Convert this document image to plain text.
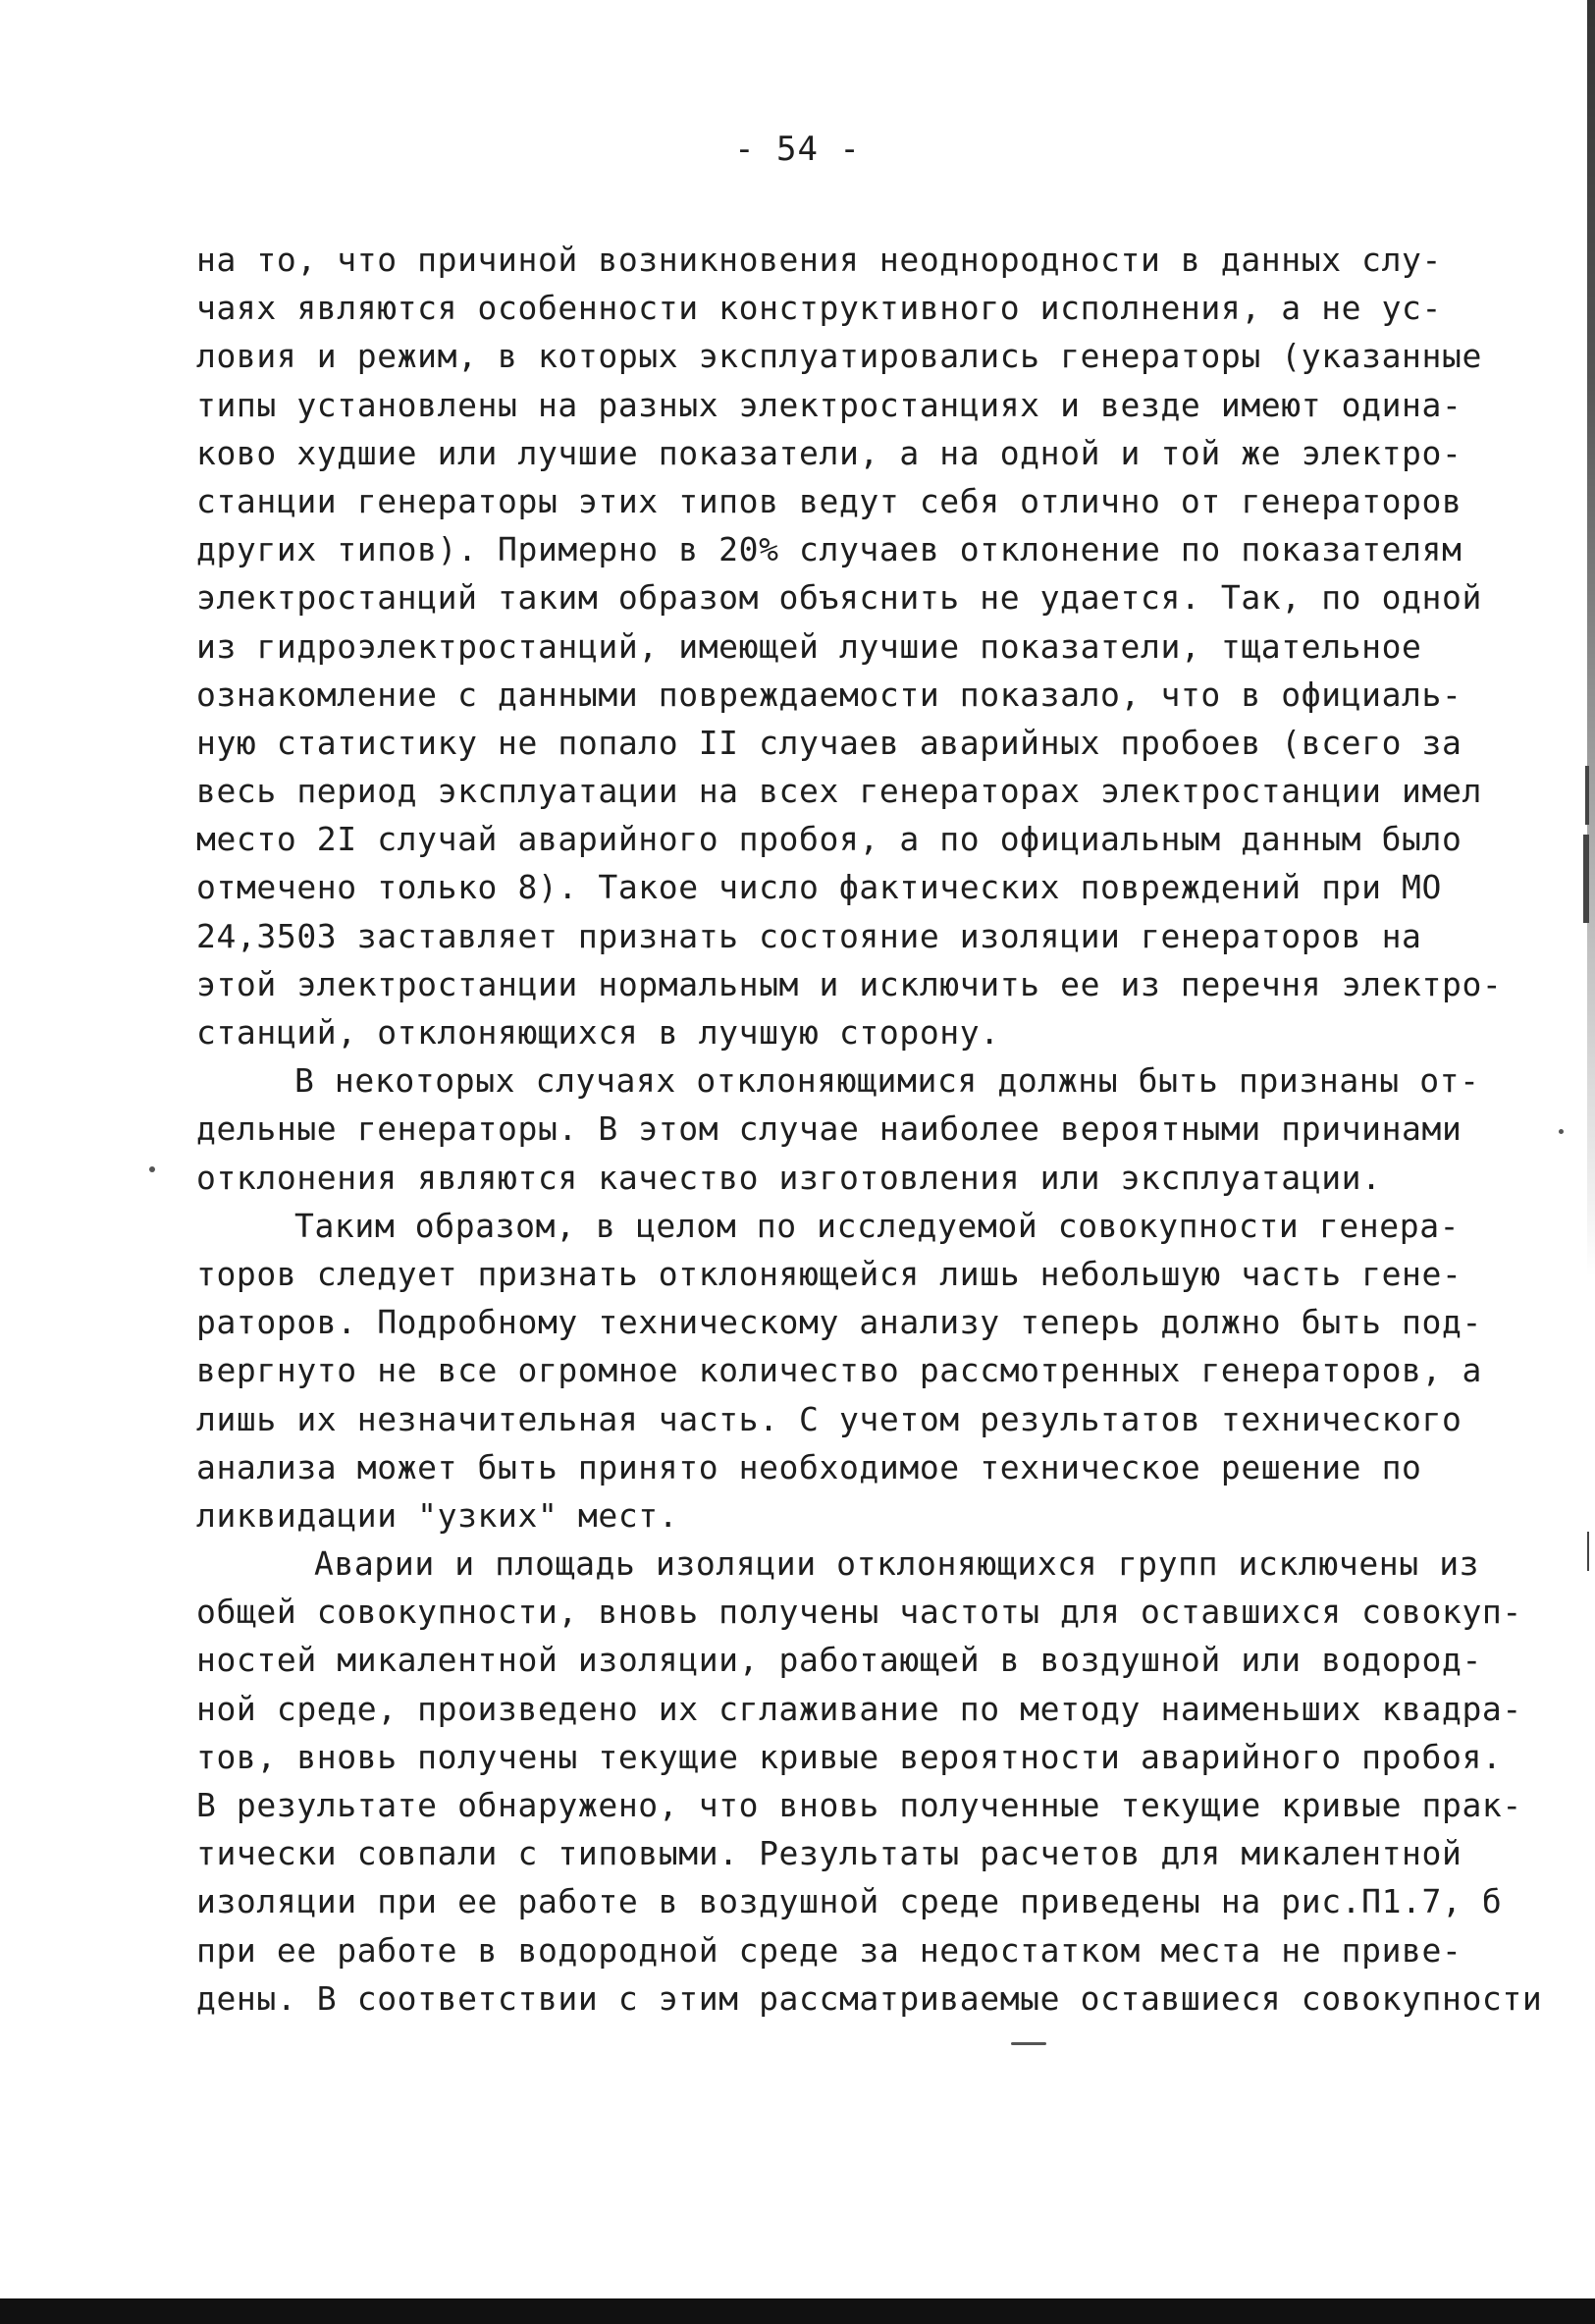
- 54 -
на то, что причиной возникновения неоднородности в данных слу-
чаях являются особенности конструктивного исполнения, а не ус-
ловия и режим, в которых эксплуатировались генераторы (указанные
типы установлены на разных электростанциях и везде имеют одина-
ково худшие или лучшие показатели, а на одной и той же электро-
станции генераторы этих типов ведут себя отлично от генераторов
других типов). Примерно в 20% случаев отклонение по показателям
электростанций таким образом объяснить не удается. Так, по одной
из гидроэлектростанций, имеющей лучшие показатели, тщательное
ознакомление с данными повреждаемости показало, что в официаль-
ную статистику не попало II случаев аварийных пробоев (всего за
весь период эксплуатации на всех генераторах электростанции имел
место 2I случай аварийного пробоя, а по официальным данным было
отмечено только 8). Такое число фактических повреждений при МО
24,3503 заставляет признать состояние изоляции генераторов на
этой электростанции нормальным и исключить ее из перечня электро-
станций, отклоняющихся в лучшую сторону.
В некоторых случаях отклоняющимися должны быть признаны от-
дельные генераторы. В этом случае наиболее вероятными причинами
отклонения являются качество изготовления или эксплуатации.
Таким образом, в целом по исследуемой совокупности генера-
торов следует признать отклоняющейся лишь небольшую часть гене-
раторов. Подробному техническому анализу теперь должно быть под-
вергнуто не все огромное количество рассмотренных генераторов, а
лишь их незначительная часть. С учетом результатов технического
анализа может быть принято необходимое техническое решение по
ликвидации "узких" мест.
Аварии и площадь изоляции отклоняющихся групп исключены из
общей совокупности, вновь получены частоты для оставшихся совокуп-
ностей микалентной изоляции, работающей в воздушной или водород-
ной среде, произведено их сглаживание по методу наименьших квадра-
тов, вновь получены текущие кривые вероятности аварийного пробоя.
В результате обнаружено, что вновь полученные текущие кривые прак-
тически совпали с типовыми. Результаты расчетов для микалентной
изоляции при ее работе в воздушной среде приведены на рис.П1.7, б
при ее работе в водородной среде за недостатком места не приве-
дены. В соответствии с этим рассматриваемые оставшиеся совокупности
